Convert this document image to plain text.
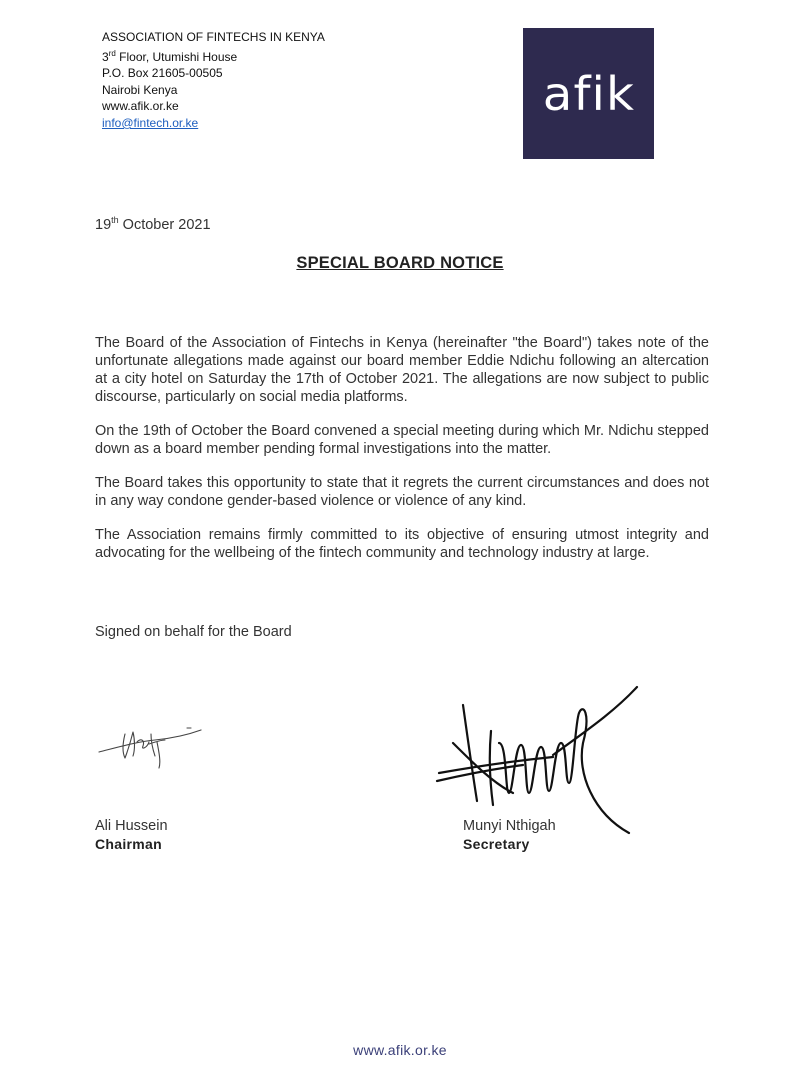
ASSOCIATION OF FINTECHS IN KENYA
3rd Floor, Utumishi House
P.O. Box 21605-00505
Nairobi Kenya
www.afik.or.ke
info@fintech.or.ke
afik
19th October 2021
SPECIAL BOARD NOTICE

The Board of the Association of Fintechs in Kenya (hereinafter "the Board") takes note of the unfortunate allegations made against our board member Eddie Ndichu following an altercation at a city hotel on Saturday the 17th of October 2021. The allegations are now subject to public discourse, particularly on social media platforms.

On the 19th of October the Board convened a special meeting during which Mr. Ndichu stepped down as a board member pending formal investigations into the matter.

The Board takes this opportunity to state that it regrets the current circumstances and does not in any way condone gender-based violence or violence of any kind.

The Association remains firmly committed to its objective of ensuring utmost integrity and advocating for the wellbeing of the fintech community and technology industry at large.

Signed on behalf for the Board
Ali Hussein
Chairman
Munyi Nthigah
Secretary
www.afik.or.ke
